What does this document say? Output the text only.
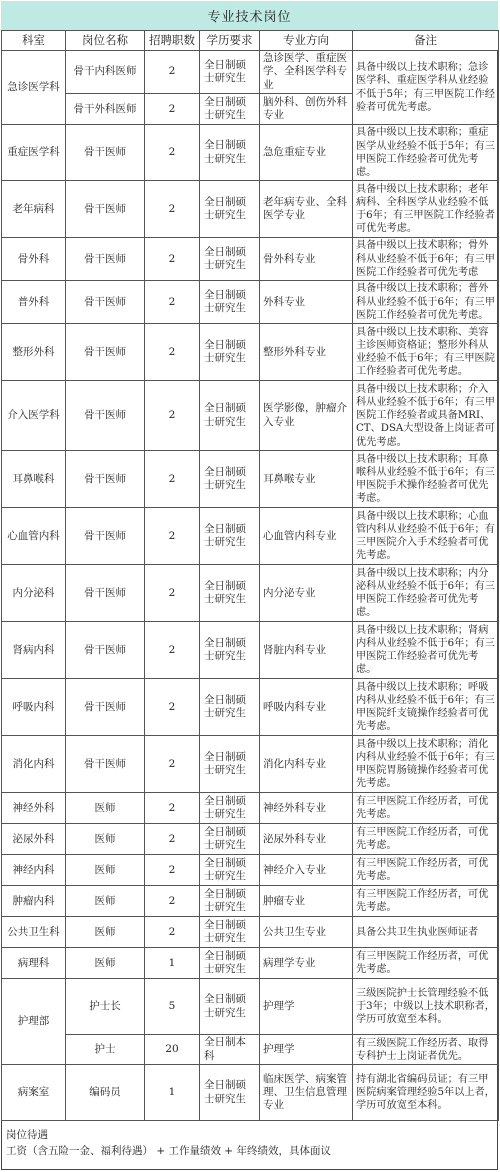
专业技术岗位
科室	岗位名称	招聘职数	学历要求	专业方向	备注
急诊医学科	骨干内科医师	2	全日制硕士研究生	急诊医学、重症医学、全科医学科专业	具备中级以上技术职称；急诊医学科、重症医学科从业经验不低于5年；有三甲医院工作经验者可优先考虑。
	骨干外科医师	2	全日制硕士研究生	脑外科、创伤外科专业	
重症医学科	骨干医师	2	全日制硕士研究生	急危重症专业	具备中级以上技术职称；重症医学从业经验不低于5年；有三甲医院工作经验者可优先考虑。
老年病科	骨干医师	2	全日制硕士研究生	老年病专业、全科医学专业	具备中级以上技术职称；老年病科、全科医学从业经验不低于6年；有三甲医院工作经验者可优先考虑。
骨外科	骨干医师	2	全日制硕士研究生	骨外科专业	具备中级以上技术职称；骨外科从业经验不低于6年；有三甲医院工作经验者可优先考虑
普外科	骨干医师	2	全日制硕士研究生	外科专业	具备中级以上技术职称；普外科从业经验不低于6年；有三甲医院工作经验者可优先考虑。
整形外科	骨干医师	2	全日制硕士研究生	整形外科专业	具备中级以上技术职称、美容主诊医师资格证；整形外科从业经验不低于6年；有三甲医院工作经验者可优先考虑。
介入医学科	骨干医师	2	全日制硕士研究生	医学影像，肿瘤介入专业	具备中级以上技术职称；介入科从业经验不低于6年；有三甲医院工作经验者或具备MRI、CT、DSA大型设备上岗证者可优先考虑。
耳鼻喉科	骨干医师	2	全日制硕士研究生	耳鼻喉专业	具备中级以上技术职称；耳鼻喉科从业经验不低于6年；有三甲医院手术操作经验者可优先考虑。
心血管内科	骨干医师	2	全日制硕士研究生	心血管内科专业	具备中级以上技术职称；心血管内科从业经验不低于6年；有三甲医院介入手术经验者可优先考虑。
内分泌科	骨干医师	2	全日制硕士研究生	内分泌专业	具备中级以上技术职称；内分泌科从业经验不低于6年；有三甲医院工作经验者可优先考虑。
肾病内科	骨干医师	2	全日制硕士研究生	肾脏内科专业	具备中级以上技术职称；肾病内科从业经验不低于6年；有三甲医院工作经验者可优先考虑。
呼吸内科	骨干医师	2	全日制硕士研究生	呼吸内科专业	具备中级以上技术职称；呼吸内科从业经验不低于6年；有三甲医院纤支镜操作经验者可优先考虑。
消化内科	骨干医师	2	全日制硕士研究生	消化内科专业	具备中级以上技术职称；消化内科从业经验不低于6年；有三甲医院胃肠镜操作经验者可优先考虑。
神经外科	医师	2	全日制硕士研究生	神经外科专业	有三甲医院工作经历者，可优先考虑。
泌尿外科	医师	2	全日制硕士研究生	泌尿外科专业	有三甲医院工作经历者，可优先考虑。
神经内科	医师	2	全日制硕士研究生	神经介入专业	有三甲医院工作经历者，可优先考虑。
肿瘤内科	医师	2	全日制硕士研究生	肿瘤专业	有三甲医院工作经历者，可优先考虑。
公共卫生科	医师	2	全日制硕士研究生	公共卫生专业	具备公共卫生执业医师证者
病理科	医师	1	全日制硕士研究生	病理学专业	有三甲医院工作经历者，可优先考虑。
护理部	护士长	5	全日制硕士研究生	护理学	三级医院护士长管理经验不低于3年；中级以上技术职称者，学历可放宽至本科。
	护士	20	全日制本科	护理学	有三级医院工作经历者、取得专科护士上岗证者优先。
病案室	编码员	1	全日制硕士研究生	临床医学、病案管理、卫生信息管理专业	持有湖北省编码员证；有三甲医院病案管理经验5年以上者，学历可放宽至本科。
岗位待遇
工资（含五险一金、福利待遇） + 工作量绩效 + 年终绩效，具体面议
